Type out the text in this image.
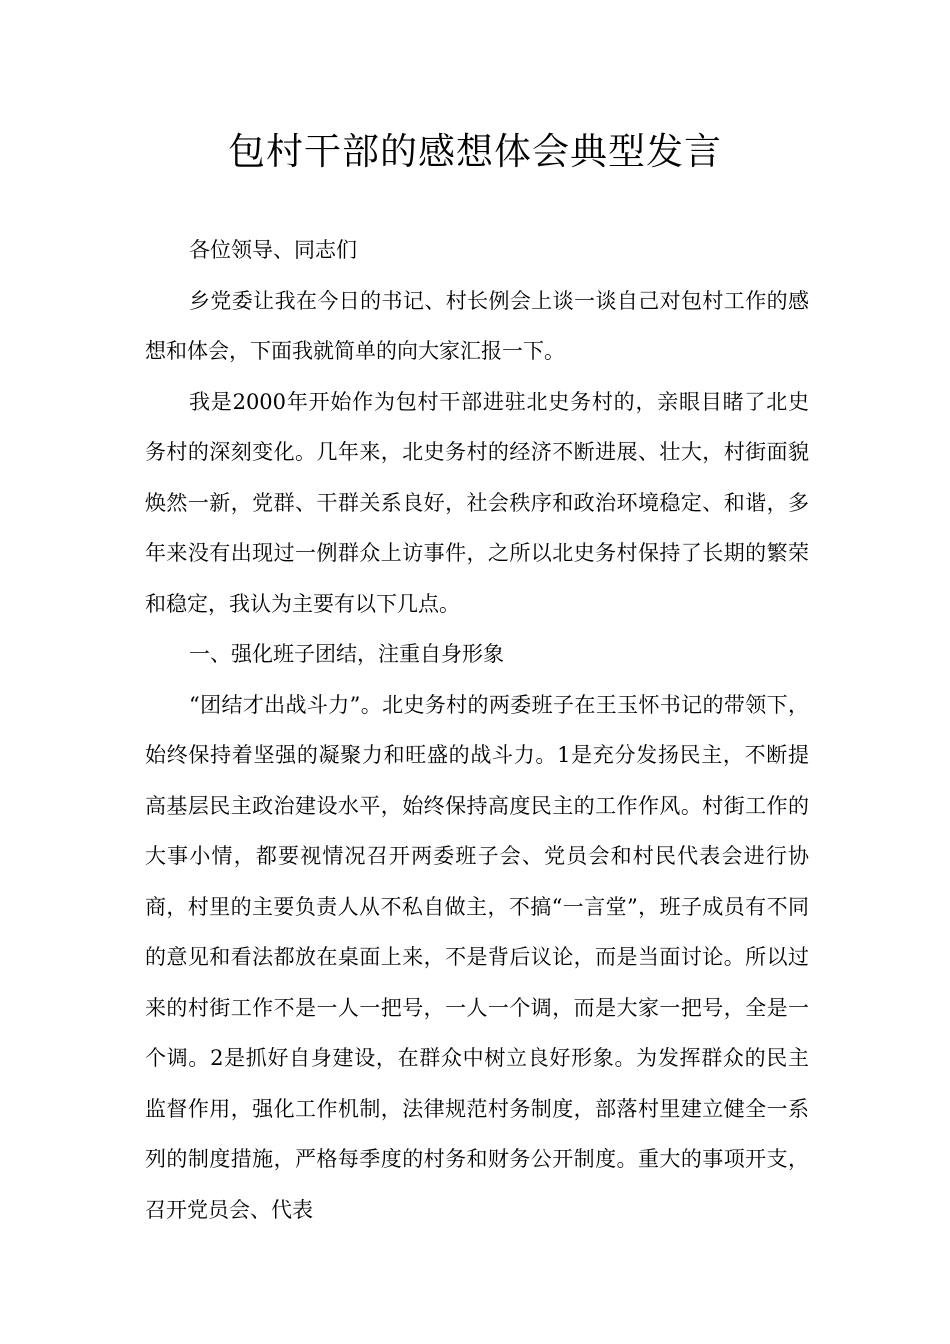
包村干部的感想体会典型发言

各位领导、同志们

乡党委让我在今日的书记、村长例会上谈一谈自己对包村工作的感想和体会，下面我就简单的向大家汇报一下。

我是2000年开始作为包村干部进驻北史务村的，亲眼目睹了北史务村的深刻变化。几年来，北史务村的经济不断进展、壮大，村街面貌焕然一新，党群、干群关系良好，社会秩序和政治环境稳定、和谐，多年来没有出现过一例群众上访事件，之所以北史务村保持了长期的繁荣和稳定，我认为主要有以下几点。

一、强化班子团结，注重自身形象

“团结才出战斗力”。北史务村的两委班子在王玉怀书记的带领下，始终保持着坚强的凝聚力和旺盛的战斗力。1是充分发扬民主，不断提高基层民主政治建设水平，始终保持高度民主的工作作风。村街工作的大事小情，都要视情况召开两委班子会、党员会和村民代表会进行协商，村里的主要负责人从不私自做主，不搞“一言堂”，班子成员有不同的意见和看法都放在桌面上来，不是背后议论，而是当面讨论。所以过来的村街工作不是一人一把号，一人一个调，而是大家一把号，全是一个调。2是抓好自身建设，在群众中树立良好形象。为发挥群众的民主监督作用，强化工作机制，法律规范村务制度，部落村里建立健全一系列的制度措施，严格每季度的村务和财务公开制度。重大的事项开支，召开党员会、代表
